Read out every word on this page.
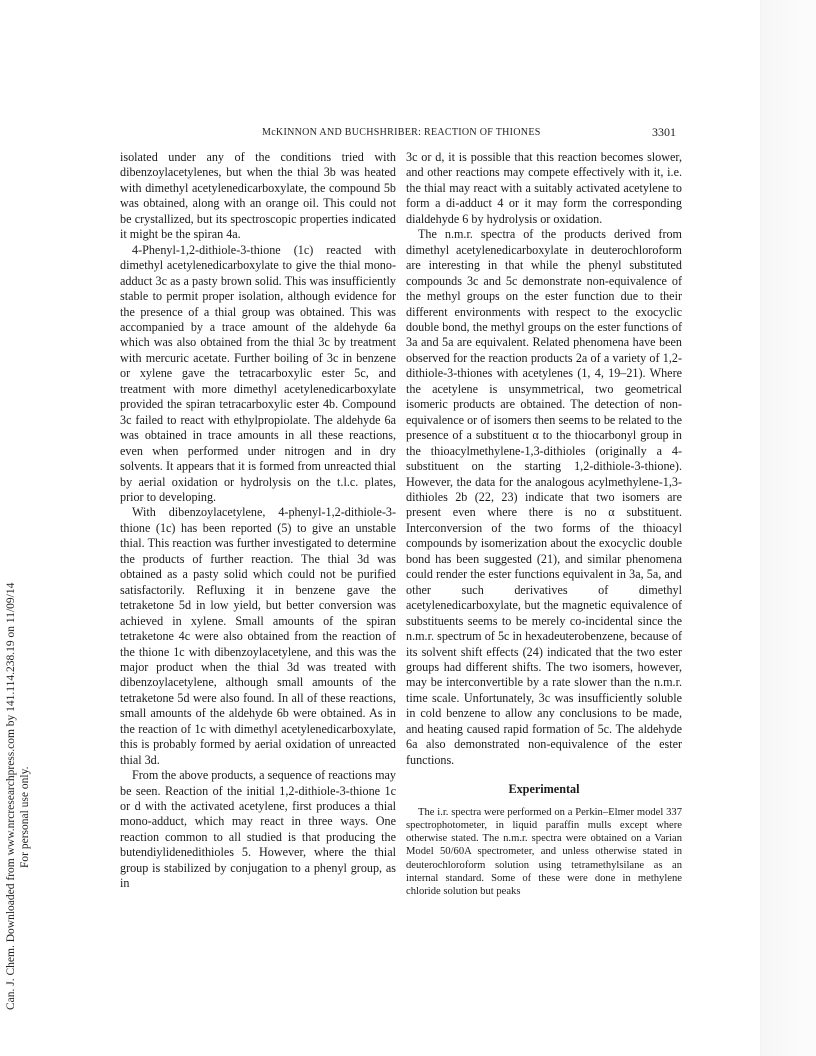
Can. J. Chem. Downloaded from www.nrcresearchpress.com by 141.114.238.19 on 11/09/14 For personal use only.
McKINNON AND BUCHSHRIBER: REACTION OF THIONES	3301

isolated under any of the conditions tried with dibenzoylacetylenes, but when the thial 3b was heated with dimethyl acetylenedicarboxylate, the compound 5b was obtained, along with an orange oil. This could not be crystallized, but its spectroscopic properties indicated it might be the spiran 4a.

4-Phenyl-1,2-dithiole-3-thione (1c) reacted with dimethyl acetylenedicarboxylate to give the thial mono-adduct 3c as a pasty brown solid. This was insufficiently stable to permit proper isolation, although evidence for the presence of a thial group was obtained. This was accompanied by a trace amount of the aldehyde 6a which was also obtained from the thial 3c by treatment with mercuric acetate. Further boiling of 3c in benzene or xylene gave the tetracarboxylic ester 5c, and treatment with more dimethyl acetylenedicarboxylate provided the spiran tetracarboxylic ester 4b. Compound 3c failed to react with ethylpropiolate. The aldehyde 6a was obtained in trace amounts in all these reactions, even when performed under nitrogen and in dry solvents. It appears that it is formed from unreacted thial by aerial oxidation or hydrolysis on the t.l.c. plates, prior to developing.

With dibenzoylacetylene, 4-phenyl-1,2-dithiole-3-thione (1c) has been reported (5) to give an unstable thial. This reaction was further investigated to determine the products of further reaction. The thial 3d was obtained as a pasty solid which could not be purified satisfactorily. Refluxing it in benzene gave the tetraketone 5d in low yield, but better conversion was achieved in xylene. Small amounts of the spiran tetraketone 4c were also obtained from the reaction of the thione 1c with dibenzoylacetylene, and this was the major product when the thial 3d was treated with dibenzoylacetylene, although small amounts of the tetraketone 5d were also found. In all of these reactions, small amounts of the aldehyde 6b were obtained. As in the reaction of 1c with dimethyl acetylenedicarboxylate, this is probably formed by aerial oxidation of unreacted thial 3d.

From the above products, a sequence of reactions may be seen. Reaction of the initial 1,2-dithiole-3-thione 1c or d with the activated acetylene, first produces a thial mono-adduct, which may react in three ways. One reaction common to all studied is that producing the butendiylidenedithioles 5. However, where the thial group is stabilized by conjugation to a phenyl group, as in

3c or d, it is possible that this reaction becomes slower, and other reactions may compete effectively with it, i.e. the thial may react with a suitably activated acetylene to form a di-adduct 4 or it may form the corresponding dialdehyde 6 by hydrolysis or oxidation.

The n.m.r. spectra of the products derived from dimethyl acetylenedicarboxylate in deuterochloroform are interesting in that while the phenyl substituted compounds 3c and 5c demonstrate non-equivalence of the methyl groups on the ester function due to their different environments with respect to the exocyclic double bond, the methyl groups on the ester functions of 3a and 5a are equivalent. Related phenomena have been observed for the reaction products 2a of a variety of 1,2-dithiole-3-thiones with acetylenes (1, 4, 19–21). Where the acetylene is unsymmetrical, two geometrical isomeric products are obtained. The detection of non-equivalence or of isomers then seems to be related to the presence of a substituent α to the thiocarbonyl group in the thioacylmethylene-1,3-dithioles (originally a 4-substituent on the starting 1,2-dithiole-3-thione). However, the data for the analogous acylmethylene-1,3-dithioles 2b (22, 23) indicate that two isomers are present even where there is no α substituent. Interconversion of the two forms of the thioacyl compounds by isomerization about the exocyclic double bond has been suggested (21), and similar phenomena could render the ester functions equivalent in 3a, 5a, and other such derivatives of dimethyl acetylenedicarboxylate, but the magnetic equivalence of substituents seems to be merely co-incidental since the n.m.r. spectrum of 5c in hexadeuterobenzene, because of its solvent shift effects (24) indicated that the two ester groups had different shifts. The two isomers, however, may be interconvertible by a rate slower than the n.m.r. time scale. Unfortunately, 3c was insufficiently soluble in cold benzene to allow any conclusions to be made, and heating caused rapid formation of 5c. The aldehyde 6a also demonstrated non-equivalence of the ester functions.

Experimental

The i.r. spectra were performed on a Perkin–Elmer model 337 spectrophotometer, in liquid paraffin mulls except where otherwise stated. The n.m.r. spectra were obtained on a Varian Model 50/60A spectrometer, and unless otherwise stated in deuterochloroform solution using tetramethylsilane as an internal standard. Some of these were done in methylene chloride solution but peaks
